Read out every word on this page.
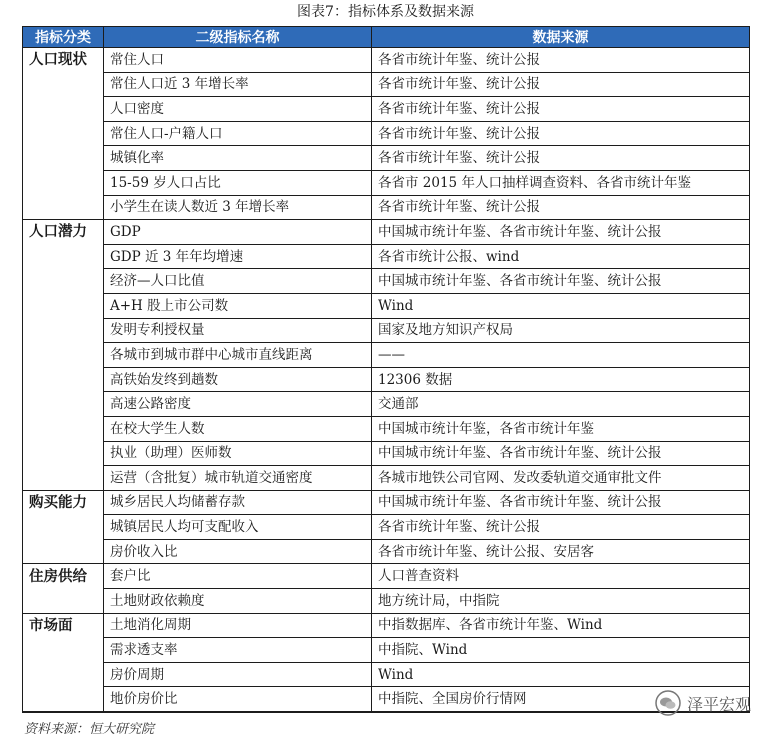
图表7：指标体系及数据来源
指标分类	二级指标名称	数据来源
人口现状	常住人口	各省市统计年鉴、统计公报
	常住人口近 3 年增长率	各省市统计年鉴、统计公报
	人口密度	各省市统计年鉴、统计公报
	常住人口-户籍人口	各省市统计年鉴、统计公报
	城镇化率	各省市统计年鉴、统计公报
	15-59 岁人口占比	各省市 2015 年人口抽样调查资料、各省市统计年鉴
	小学生在读人数近 3 年增长率	各省市统计年鉴、统计公报
人口潜力	GDP	中国城市统计年鉴、各省市统计年鉴、统计公报
	GDP 近 3 年年均增速	各省市统计公报、wind
	经济—人口比值	中国城市统计年鉴、各省市统计年鉴、统计公报
	A+H 股上市公司数	Wind
	发明专利授权量	国家及地方知识产权局
	各城市到城市群中心城市直线距离	——
	高铁始发终到趟数	12306 数据
	高速公路密度	交通部
	在校大学生人数	中国城市统计年鉴，各省市统计年鉴
	执业（助理）医师数	中国城市统计年鉴、各省市统计年鉴、统计公报
	运营（含批复）城市轨道交通密度	各城市地铁公司官网、发改委轨道交通审批文件
购买能力	城乡居民人均储蓄存款	中国城市统计年鉴、各省市统计年鉴、统计公报
	城镇居民人均可支配收入	各省市统计年鉴、统计公报
	房价收入比	各省市统计年鉴、统计公报、安居客
住房供给	套户比	人口普查资料
	土地财政依赖度	地方统计局，中指院
市场面	土地消化周期	中指数据库、各省市统计年鉴、Wind
	需求透支率	中指院、Wind
	房价周期	Wind
	地价房价比	中指院、全国房价行情网
资料来源：恒大研究院
泽平宏观
